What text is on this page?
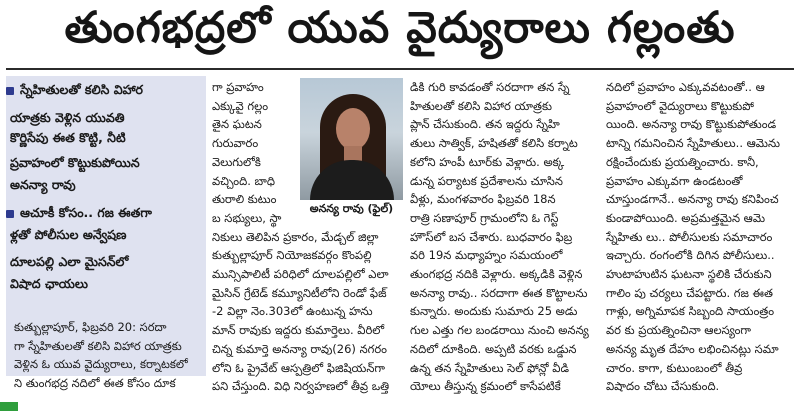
తుంగభద్రలో యువ వైద్యురాలు గల్లంతు
స్నేహితులతో కలిసి విహార
యాత్రకు వెళ్లిన యువతి
కొర్ణిసేపు ఈత కొట్టి, నీటి
ప్రవాహంలో కొట్టుకుపోయిన
అనన్యా రావు
ఆచూకీ కోసం.. గజ ఈతగా
ళ్లతో పోలీసుల అన్వేషణ
దూలపల్లి ఎలా మైసన్‌లో
విషాద ఛాయలు
కుత్బుల్లాపూర్, ఫిబ్రవరి 20: సరదా
గా స్నేహితులతో కలిసి విహార యాత్రకు
వెళ్లిన ఓ యువ వైద్యురాలు, కర్నాటకలో
ని తుంగభద్ర నదిలో ఈత కోసం దూక
గా ప్రవాహం
ఎక్కువై గల్లం
తైన ఘటన
గురువారం
వెలుగులోకి
వచ్చింది. బాధి
తురాలి కుటుం
బ సభ్యులు, స్థా
నికులు తెలిపిన ప్రకారం, మేడ్చల్ జిల్లా
కుత్బుల్లాపూర్ నియోజకవర్గం కొంపల్లి
మున్సిపాలిటీ పరిధిలో దూలపల్లిలో ఎలా
మైసిన్ గ్రేటెడ్ కమ్యూనిటీలోని రెండో ఫేజ్
-2 విల్లా నెం.303లో ఉంటున్న హను
మాన్ రావుకు ఇద్దరు కుమార్తెలు. వీరిలో
చిన్న కుమార్తె అనన్యా రావు(26) నగరం
లోని ఓ ప్రైవేట్ ఆస్పత్రిలో ఫిజిషియన్‌గా
పని చేస్తుంది. విధి నిర్వహణలో తీవ్ర ఒత్తి
అనన్య రావు (ఫైల్)
డికి గురి కావడంతో సరదాగా తన స్నే
హితులతో కలిసి విహార యాత్రకు
ప్లాన్ చేసుకుంది. తన ఇద్దరు స్నేహి
తులు సాత్విక్, హషితతో కలిసి కర్నాట
కలోని హంపీ టూర్‌కు వెళ్లారు. అక్క
డున్న పర్యాటక ప్రదేశాలను చూసిన
వీళ్లు, మంగళవారం ఫిబ్రవరి 18న
రాత్రి సణాపూర్ గ్రామంలోని ఓ గెస్ట్
హౌస్‌లో బస చేశారు. బుధవారం ఫిబ్ర
వరి 19న మధ్యాహ్నం సమయంలో
తుంగభద్ర నదికి వెళ్లారు. అక్కడికి వెళ్లిన
అనన్యా రావు.. సరదాగా ఈత కొట్టాలను
కున్నారు. అందుకు సుమారు 25 అడు
గుల ఎత్తు గల బండరాయి నుంచి అనన్య
నదిలో దూకింది. అప్పటి వరకు ఒడ్డున
ఉన్న తన స్నేహితులు సెల్ ఫోన్లో వీడి
యోలు తీస్తున్న క్రమంలో కాసేపటికే
నదిలో ప్రవాహం ఎక్కువవటంతో.. ఆ
ప్రవాహంలో వైద్యురాలు కొట్టుకుపో
యింది. అనన్యా రావు కొట్టుకుపోతుండ
టాన్ని గమనించిన స్నేహితులు.. ఆమెను
రక్షించేందుకు ప్రయత్నించారు. కానీ,
ప్రవాహం ఎక్కువగా ఉండటంతో
చూస్తుండగానే.. అనన్యా రావు కనిపించ
కుండాపోయింది. అప్రమత్తమైన ఆమె
స్నేహితు లు.. పోలీసులకు సమాచారం
ఇచ్చారు. రంగంలోకి దిగిన పోలీసులు..
హుటాహుటిన ఘటనా స్థలికి చేరుకుని
గాలిం పు చర్యలు చేపట్టారు. గజ ఈత
గాళ్లు, అగ్నిమాపక సిబ్బంది సాయంత్రం
వర కు ప్రయత్నించినా ఆలస్యంగా
అనన్య మృత దేహం లభించినట్లు సమా
చారం. కాగా, కుటుంబంలో తీవ్ర
విషాదం చోటు చేసుకుంది.
